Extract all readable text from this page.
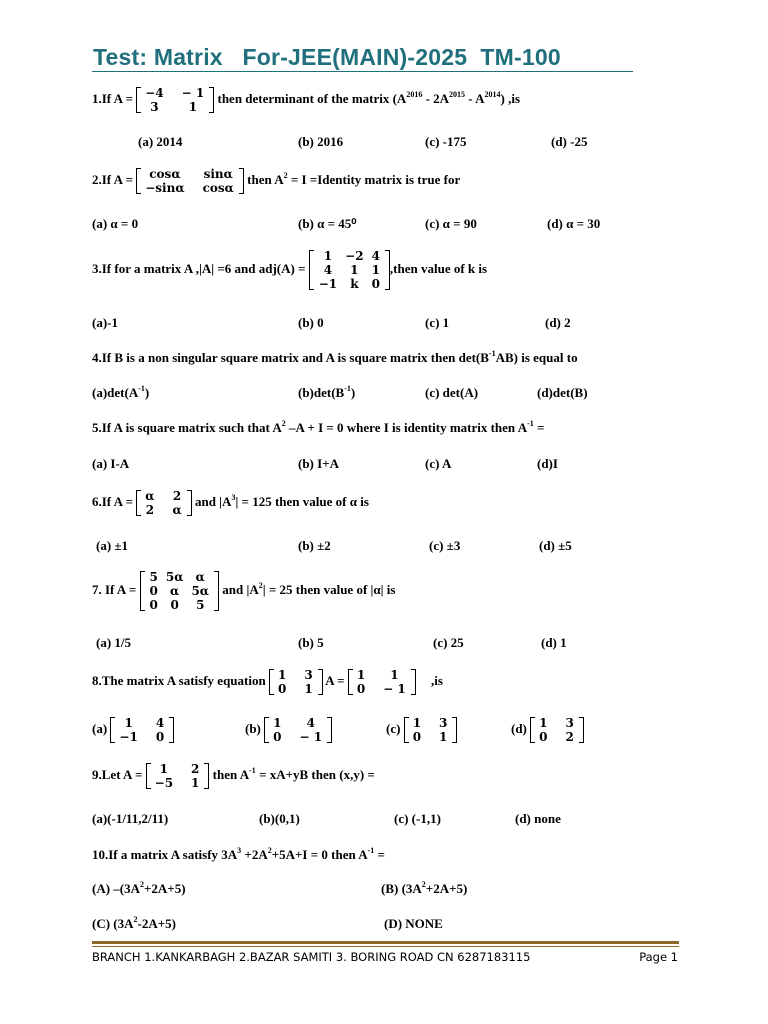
Test: Matrix   For-JEE(MAIN)-2025  TM-100
1.If A = −4	− 1
3	1
then determinant of the matrix $(A^{2016} - 2A^{2015} - A^{2014})$ ,is
(a) 2014	(b) 2016	(c) -175	(d) -25
2.If A = cosα	sinα
−sinα	cosα
then $A^2 = I$ =Identity matrix is true for
(a) α = 0	(b) α = 45⁰	(c) α = 90	(d) α = 30
3.If for a matrix A ,|A| =6 and adj(A) =
1	−2	4
4	1	1
−1	k	0
,then value of k is
(a)-1	(b) 0	(c) 1	(d) 2
4.If B is a non singular square matrix and A is square matrix then $\det(B^{-1}AB)$ is equal to
$(a)\det(A^{-1})$	$(b)\det(B^{-1})$	(c) det(A)	(d)det(B)
5.If A is square matrix such that $A^2$ –A + I = 0 where I is identity matrix then $A^{-1}$ =
(a) I-A	(b) I+A	(c) A	(d)I
6.If A = α	2
2	α
and $|A^3| = 125$ then value of α is
(a) ±1	(b) ±2	(c) ±3	(d) ±5
7. If A =
5	5α	α
0	α	5α
0	0	5
and $|A^2| = 25$ then value of |α| is
(a) 1/5	(b) 5	(c) 25	(d) 1
8.The matrix A satisfy equation 1	3
0	1
A = 1	1
0	− 1
,is
(a) 1	4
−1	0
(b) 1	4
0	− 1
(c) 1	3
0	1
(d) 1	3
0	2
9.Let A = 1	2
−5	1
then $A^{-1} = xA+yB$ then (x,y) =
(a)(-1/11,2/11)	(b)(0,1)	(c) (-1,1)	(d) none
10.If a matrix A satisfy $3A^3 +2A^2+5A+I = 0$ then $A^{-1}$ =
(A) $-(3A^2+2A+5)$	(B) $(3A^2+2A+5)$
(C) $(3A^2-2A+5)$	(D) NONE
BRANCH 1.KANKARBAGH 2.BAZAR SAMITI 3. BORING ROAD CN 6287183115	Page 1
